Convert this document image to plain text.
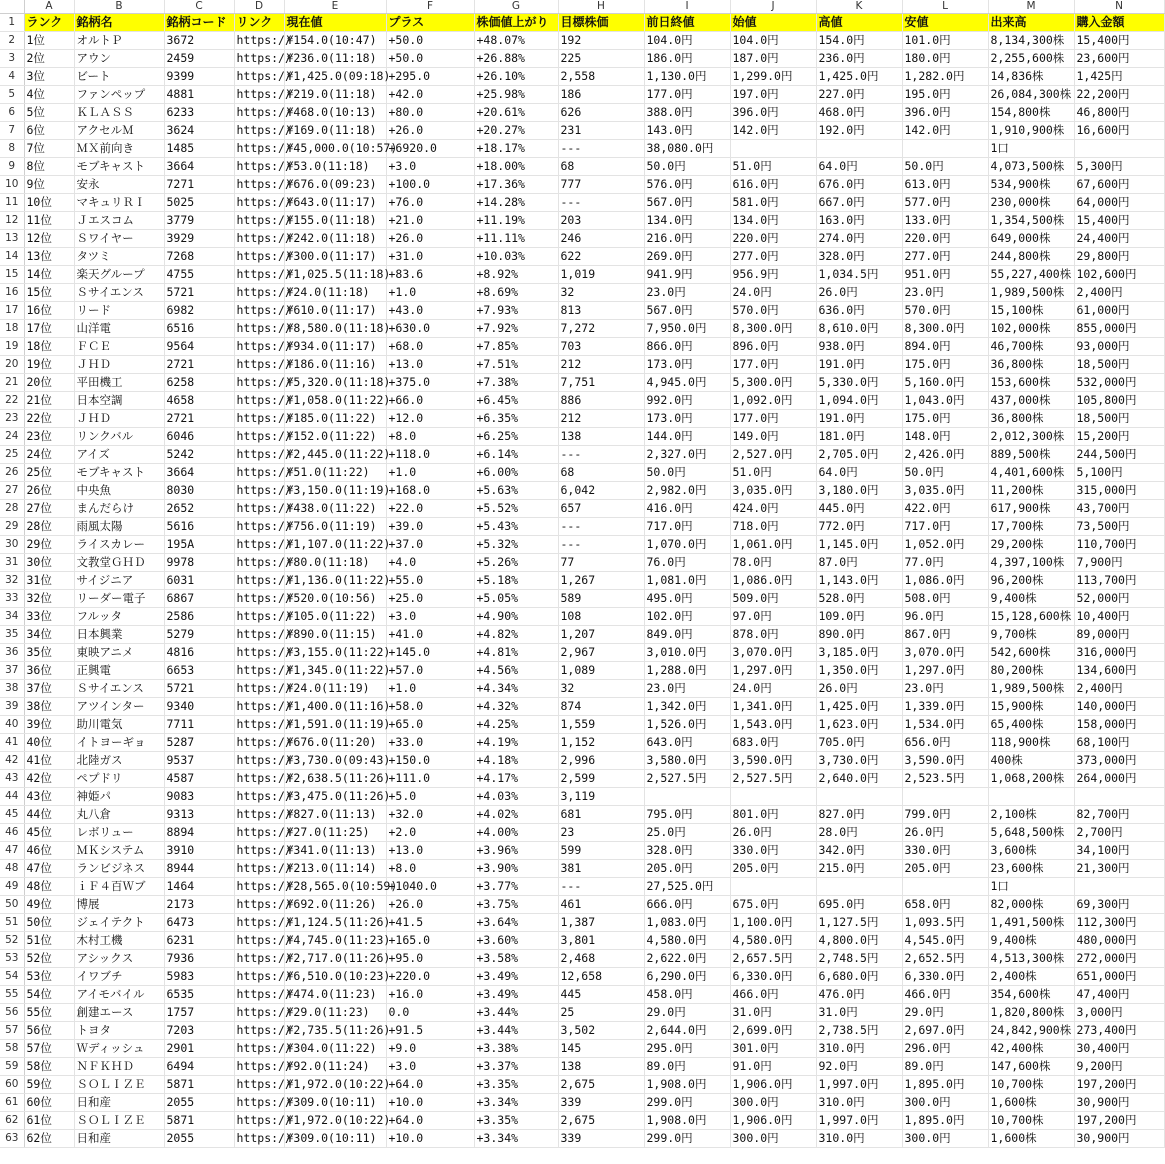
	A	B	C	D	E	F	G	H	I	J	K	L	M	N
1	ランク	銘柄名	銘柄コード	リンク	現在値	プラス	株価値上がり	目標株価	前日終値	始値	高値	安値	出来高	購入金額
2	1位	オルトＰ	3672	https://	¥154.0(10:47)	+50.0	+48.07%	192	104.0円	104.0円	154.0円	101.0円	8,134,300株	15,400円
3	2位	アウン	2459	https://	¥236.0(11:18)	+50.0	+26.88%	225	186.0円	187.0円	236.0円	180.0円	2,255,600株	23,600円
4	3位	ビート	9399	https://	¥1,425.0(09:18)	+295.0	+26.10%	2,558	1,130.0円	1,299.0円	1,425.0円	1,282.0円	14,836株	1,425円
5	4位	ファンペップ	4881	https://	¥219.0(11:18)	+42.0	+25.98%	186	177.0円	197.0円	227.0円	195.0円	26,084,300株	22,200円
6	5位	ＫＬＡＳＳ	6233	https://	¥468.0(10:13)	+80.0	+20.61%	626	388.0円	396.0円	468.0円	396.0円	154,800株	46,800円
7	6位	アクセルＭ	3624	https://	¥169.0(11:18)	+26.0	+20.27%	231	143.0円	142.0円	192.0円	142.0円	1,910,900株	16,600円
8	7位	ＭＸ前向き	1485	https://	¥45,000.0(10:57)	+6920.0	+18.17%	---	38,080.0円				1口	
9	8位	モブキャスト	3664	https://	¥53.0(11:18)	+3.0	+18.00%	68	50.0円	51.0円	64.0円	50.0円	4,073,500株	5,300円
10	9位	安永	7271	https://	¥676.0(09:23)	+100.0	+17.36%	777	576.0円	616.0円	676.0円	613.0円	534,900株	67,600円
11	10位	マキュリＲＩ	5025	https://	¥643.0(11:17)	+76.0	+14.28%	---	567.0円	581.0円	667.0円	577.0円	230,000株	64,000円
12	11位	Ｊエスコム	3779	https://	¥155.0(11:18)	+21.0	+11.19%	203	134.0円	134.0円	163.0円	133.0円	1,354,500株	15,400円
13	12位	Ｓワイヤー	3929	https://	¥242.0(11:18)	+26.0	+11.11%	246	216.0円	220.0円	274.0円	220.0円	649,000株	24,400円
14	13位	タツミ	7268	https://	¥300.0(11:17)	+31.0	+10.03%	622	269.0円	277.0円	328.0円	277.0円	244,800株	29,800円
15	14位	楽天グループ	4755	https://	¥1,025.5(11:18)	+83.6	+8.92%	1,019	941.9円	956.9円	1,034.5円	951.0円	55,227,400株	102,600円
16	15位	Ｓサイエンス	5721	https://	¥24.0(11:18)	+1.0	+8.69%	32	23.0円	24.0円	26.0円	23.0円	1,989,500株	2,400円
17	16位	リード	6982	https://	¥610.0(11:17)	+43.0	+7.93%	813	567.0円	570.0円	636.0円	570.0円	15,100株	61,000円
18	17位	山洋電	6516	https://	¥8,580.0(11:18)	+630.0	+7.92%	7,272	7,950.0円	8,300.0円	8,610.0円	8,300.0円	102,000株	855,000円
19	18位	ＦＣＥ	9564	https://	¥934.0(11:17)	+68.0	+7.85%	703	866.0円	896.0円	938.0円	894.0円	46,700株	93,000円
20	19位	ＪＨＤ	2721	https://	¥186.0(11:16)	+13.0	+7.51%	212	173.0円	177.0円	191.0円	175.0円	36,800株	18,500円
21	20位	平田機工	6258	https://	¥5,320.0(11:18)	+375.0	+7.38%	7,751	4,945.0円	5,300.0円	5,330.0円	5,160.0円	153,600株	532,000円
22	21位	日本空調	4658	https://	¥1,058.0(11:22)	+66.0	+6.45%	886	992.0円	1,092.0円	1,094.0円	1,043.0円	437,000株	105,800円
23	22位	ＪＨＤ	2721	https://	¥185.0(11:22)	+12.0	+6.35%	212	173.0円	177.0円	191.0円	175.0円	36,800株	18,500円
24	23位	リンクバル	6046	https://	¥152.0(11:22)	+8.0	+6.25%	138	144.0円	149.0円	181.0円	148.0円	2,012,300株	15,200円
25	24位	アイズ	5242	https://	¥2,445.0(11:22)	+118.0	+6.14%	---	2,327.0円	2,527.0円	2,705.0円	2,426.0円	889,500株	244,500円
26	25位	モブキャスト	3664	https://	¥51.0(11:22)	+1.0	+6.00%	68	50.0円	51.0円	64.0円	50.0円	4,401,600株	5,100円
27	26位	中央魚	8030	https://	¥3,150.0(11:19)	+168.0	+5.63%	6,042	2,982.0円	3,035.0円	3,180.0円	3,035.0円	11,200株	315,000円
28	27位	まんだらけ	2652	https://	¥438.0(11:22)	+22.0	+5.52%	657	416.0円	424.0円	445.0円	422.0円	617,900株	43,700円
29	28位	雨風太陽	5616	https://	¥756.0(11:19)	+39.0	+5.43%	---	717.0円	718.0円	772.0円	717.0円	17,700株	73,500円
30	29位	ライスカレー	195A	https://	¥1,107.0(11:22)	+37.0	+5.32%	---	1,070.0円	1,061.0円	1,145.0円	1,052.0円	29,200株	110,700円
31	30位	文教堂ＧＨＤ	9978	https://	¥80.0(11:18)	+4.0	+5.26%	77	76.0円	78.0円	87.0円	77.0円	4,397,100株	7,900円
32	31位	サイジニア	6031	https://	¥1,136.0(11:22)	+55.0	+5.18%	1,267	1,081.0円	1,086.0円	1,143.0円	1,086.0円	96,200株	113,700円
33	32位	リーダー電子	6867	https://	¥520.0(10:56)	+25.0	+5.05%	589	495.0円	509.0円	528.0円	508.0円	9,400株	52,000円
34	33位	フルッタ	2586	https://	¥105.0(11:22)	+3.0	+4.90%	108	102.0円	97.0円	109.0円	96.0円	15,128,600株	10,400円
35	34位	日本興業	5279	https://	¥890.0(11:15)	+41.0	+4.82%	1,207	849.0円	878.0円	890.0円	867.0円	9,700株	89,000円
36	35位	東映アニメ	4816	https://	¥3,155.0(11:22)	+145.0	+4.81%	2,967	3,010.0円	3,070.0円	3,185.0円	3,070.0円	542,600株	316,000円
37	36位	正興電	6653	https://	¥1,345.0(11:22)	+57.0	+4.56%	1,089	1,288.0円	1,297.0円	1,350.0円	1,297.0円	80,200株	134,600円
38	37位	Ｓサイエンス	5721	https://	¥24.0(11:19)	+1.0	+4.34%	32	23.0円	24.0円	26.0円	23.0円	1,989,500株	2,400円
39	38位	アツインター	9340	https://	¥1,400.0(11:16)	+58.0	+4.32%	874	1,342.0円	1,341.0円	1,425.0円	1,339.0円	15,900株	140,000円
40	39位	助川電気	7711	https://	¥1,591.0(11:19)	+65.0	+4.25%	1,559	1,526.0円	1,543.0円	1,623.0円	1,534.0円	65,400株	158,000円
41	40位	イトヨーギョ	5287	https://	¥676.0(11:20)	+33.0	+4.19%	1,152	643.0円	683.0円	705.0円	656.0円	118,900株	68,100円
42	41位	北陸ガス	9537	https://	¥3,730.0(09:43)	+150.0	+4.18%	2,996	3,580.0円	3,590.0円	3,730.0円	3,590.0円	400株	373,000円
43	42位	ペプドリ	4587	https://	¥2,638.5(11:26)	+111.0	+4.17%	2,599	2,527.5円	2,527.5円	2,640.0円	2,523.5円	1,068,200株	264,000円
44	43位	神姫パ	9083	https://	¥3,475.0(11:26)	+5.0	+4.03%	3,119						
45	44位	丸八倉	9313	https://	¥827.0(11:13)	+32.0	+4.02%	681	795.0円	801.0円	827.0円	799.0円	2,100株	82,700円
46	45位	レボリュー	8894	https://	¥27.0(11:25)	+2.0	+4.00%	23	25.0円	26.0円	28.0円	26.0円	5,648,500株	2,700円
47	46位	ＭＫシステム	3910	https://	¥341.0(11:13)	+13.0	+3.96%	599	328.0円	330.0円	342.0円	330.0円	3,600株	34,100円
48	47位	ランビジネス	8944	https://	¥213.0(11:14)	+8.0	+3.90%	381	205.0円	205.0円	215.0円	205.0円	23,600株	21,300円
49	48位	ｉＦ４百Ｗブ	1464	https://	¥28,565.0(10:59)	+1040.0	+3.77%	---	27,525.0円				1口	
50	49位	博展	2173	https://	¥692.0(11:26)	+26.0	+3.75%	461	666.0円	675.0円	695.0円	658.0円	82,000株	69,300円
51	50位	ジェイテクト	6473	https://	¥1,124.5(11:26)	+41.5	+3.64%	1,387	1,083.0円	1,100.0円	1,127.5円	1,093.5円	1,491,500株	112,300円
52	51位	木村工機	6231	https://	¥4,745.0(11:23)	+165.0	+3.60%	3,801	4,580.0円	4,580.0円	4,800.0円	4,545.0円	9,400株	480,000円
53	52位	アシックス	7936	https://	¥2,717.0(11:26)	+95.0	+3.58%	2,468	2,622.0円	2,657.5円	2,748.5円	2,652.5円	4,513,300株	272,000円
54	53位	イワブチ	5983	https://	¥6,510.0(10:23)	+220.0	+3.49%	12,658	6,290.0円	6,330.0円	6,680.0円	6,330.0円	2,400株	651,000円
55	54位	アイモバイル	6535	https://	¥474.0(11:23)	+16.0	+3.49%	445	458.0円	466.0円	476.0円	466.0円	354,600株	47,400円
56	55位	創建エース	1757	https://	¥29.0(11:23)	0.0	+3.44%	25	29.0円	31.0円	31.0円	29.0円	1,820,800株	3,000円
57	56位	トヨタ	7203	https://	¥2,735.5(11:26)	+91.5	+3.44%	3,502	2,644.0円	2,699.0円	2,738.5円	2,697.0円	24,842,900株	273,400円
58	57位	Ｗディッシュ	2901	https://	¥304.0(11:22)	+9.0	+3.38%	145	295.0円	301.0円	310.0円	296.0円	42,400株	30,400円
59	58位	ＮＦＫＨＤ	6494	https://	¥92.0(11:24)	+3.0	+3.37%	138	89.0円	91.0円	92.0円	89.0円	147,600株	9,200円
60	59位	ＳＯＬＩＺＥ	5871	https://	¥1,972.0(10:22)	+64.0	+3.35%	2,675	1,908.0円	1,906.0円	1,997.0円	1,895.0円	10,700株	197,200円
61	60位	日和産	2055	https://	¥309.0(10:11)	+10.0	+3.34%	339	299.0円	300.0円	310.0円	300.0円	1,600株	30,900円
62	61位	ＳＯＬＩＺＥ	5871	https://	¥1,972.0(10:22)	+64.0	+3.35%	2,675	1,908.0円	1,906.0円	1,997.0円	1,895.0円	10,700株	197,200円
63	62位	日和産	2055	https://	¥309.0(10:11)	+10.0	+3.34%	339	299.0円	300.0円	310.0円	300.0円	1,600株	30,900円
